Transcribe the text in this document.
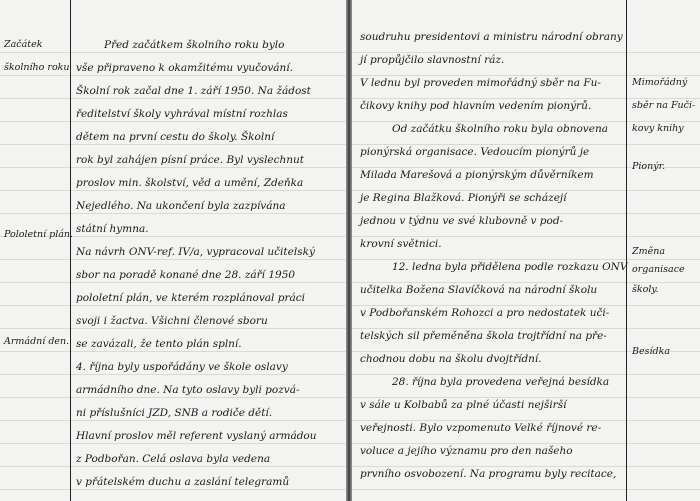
Začátek
školního roku
Pololetní plán.
Armádní den.
Před začátkem školního roku bylo
vše připraveno k okamžitému vyučování.
Školní rok začal dne 1. září 1950. Na žádost
ředitelství školy vyhrával místní rozhlas
dětem na první cestu do školy. Školní
rok byl zahájen písní práce. Byl vyslechnut
proslov min. školství, věd a umění, Zdeňka
Nejedlého. Na ukončení byla zazpívána
státní hymna.
Na návrh ONV-ref. IV/a, vypracoval učitelský
sbor na poradě konané dne 28. září 1950
pololetní plán, ve kterém rozplánoval práci
svoji i žactva. Všichni členové sboru
se zavázali, že tento plán splní.
4. října byly uspořádány ve škole oslavy
armádního dne. Na tyto oslavy byli pozvá-
ni příslušníci JZD, SNB a rodiče dětí.
Hlavní proslov měl referent vyslaný armádou
z Podbořan. Celá oslava byla vedena
v přátelském duchu a zaslání telegramů
soudruhu presidentovi a ministru národní obrany
jí propůjčilo slavnostní ráz.
V lednu byl proveden mimořádný sběr na Fu-
čikovy knihy pod hlavním vedením pionýrů.
Od začátku školního roku byla obnovena
pionýrská organisace. Vedoucím pionýrů je
Milada Marešová a pionýrským důvěrníkem
je Regina Blažková. Pionýři se scházejí
jednou v týdnu ve své klubovně v pod-
krovní světnici.
12. ledna byla přidělena podle rozkazu ONV
učitelka Božena Slavíčková na národní školu
v Podbořanském Rohozci a pro nedostatek uči-
telských sil přeměněna škola trojtřídní na pře-
chodnou dobu na školu dvojtřídní.
28. října byla provedena veřejná besídka
v sále u Kolbabů za plné účasti nejširší
veřejnosti. Bylo vzpomenuto Velké říjnové re-
voluce a jejího významu pro den našeho
prvního osvobození. Na programu byly recitace,
Mimořádný
sběr na Fuči-
kovy knihy
Pionýr.
Změna
organisace
školy.
Besídka
